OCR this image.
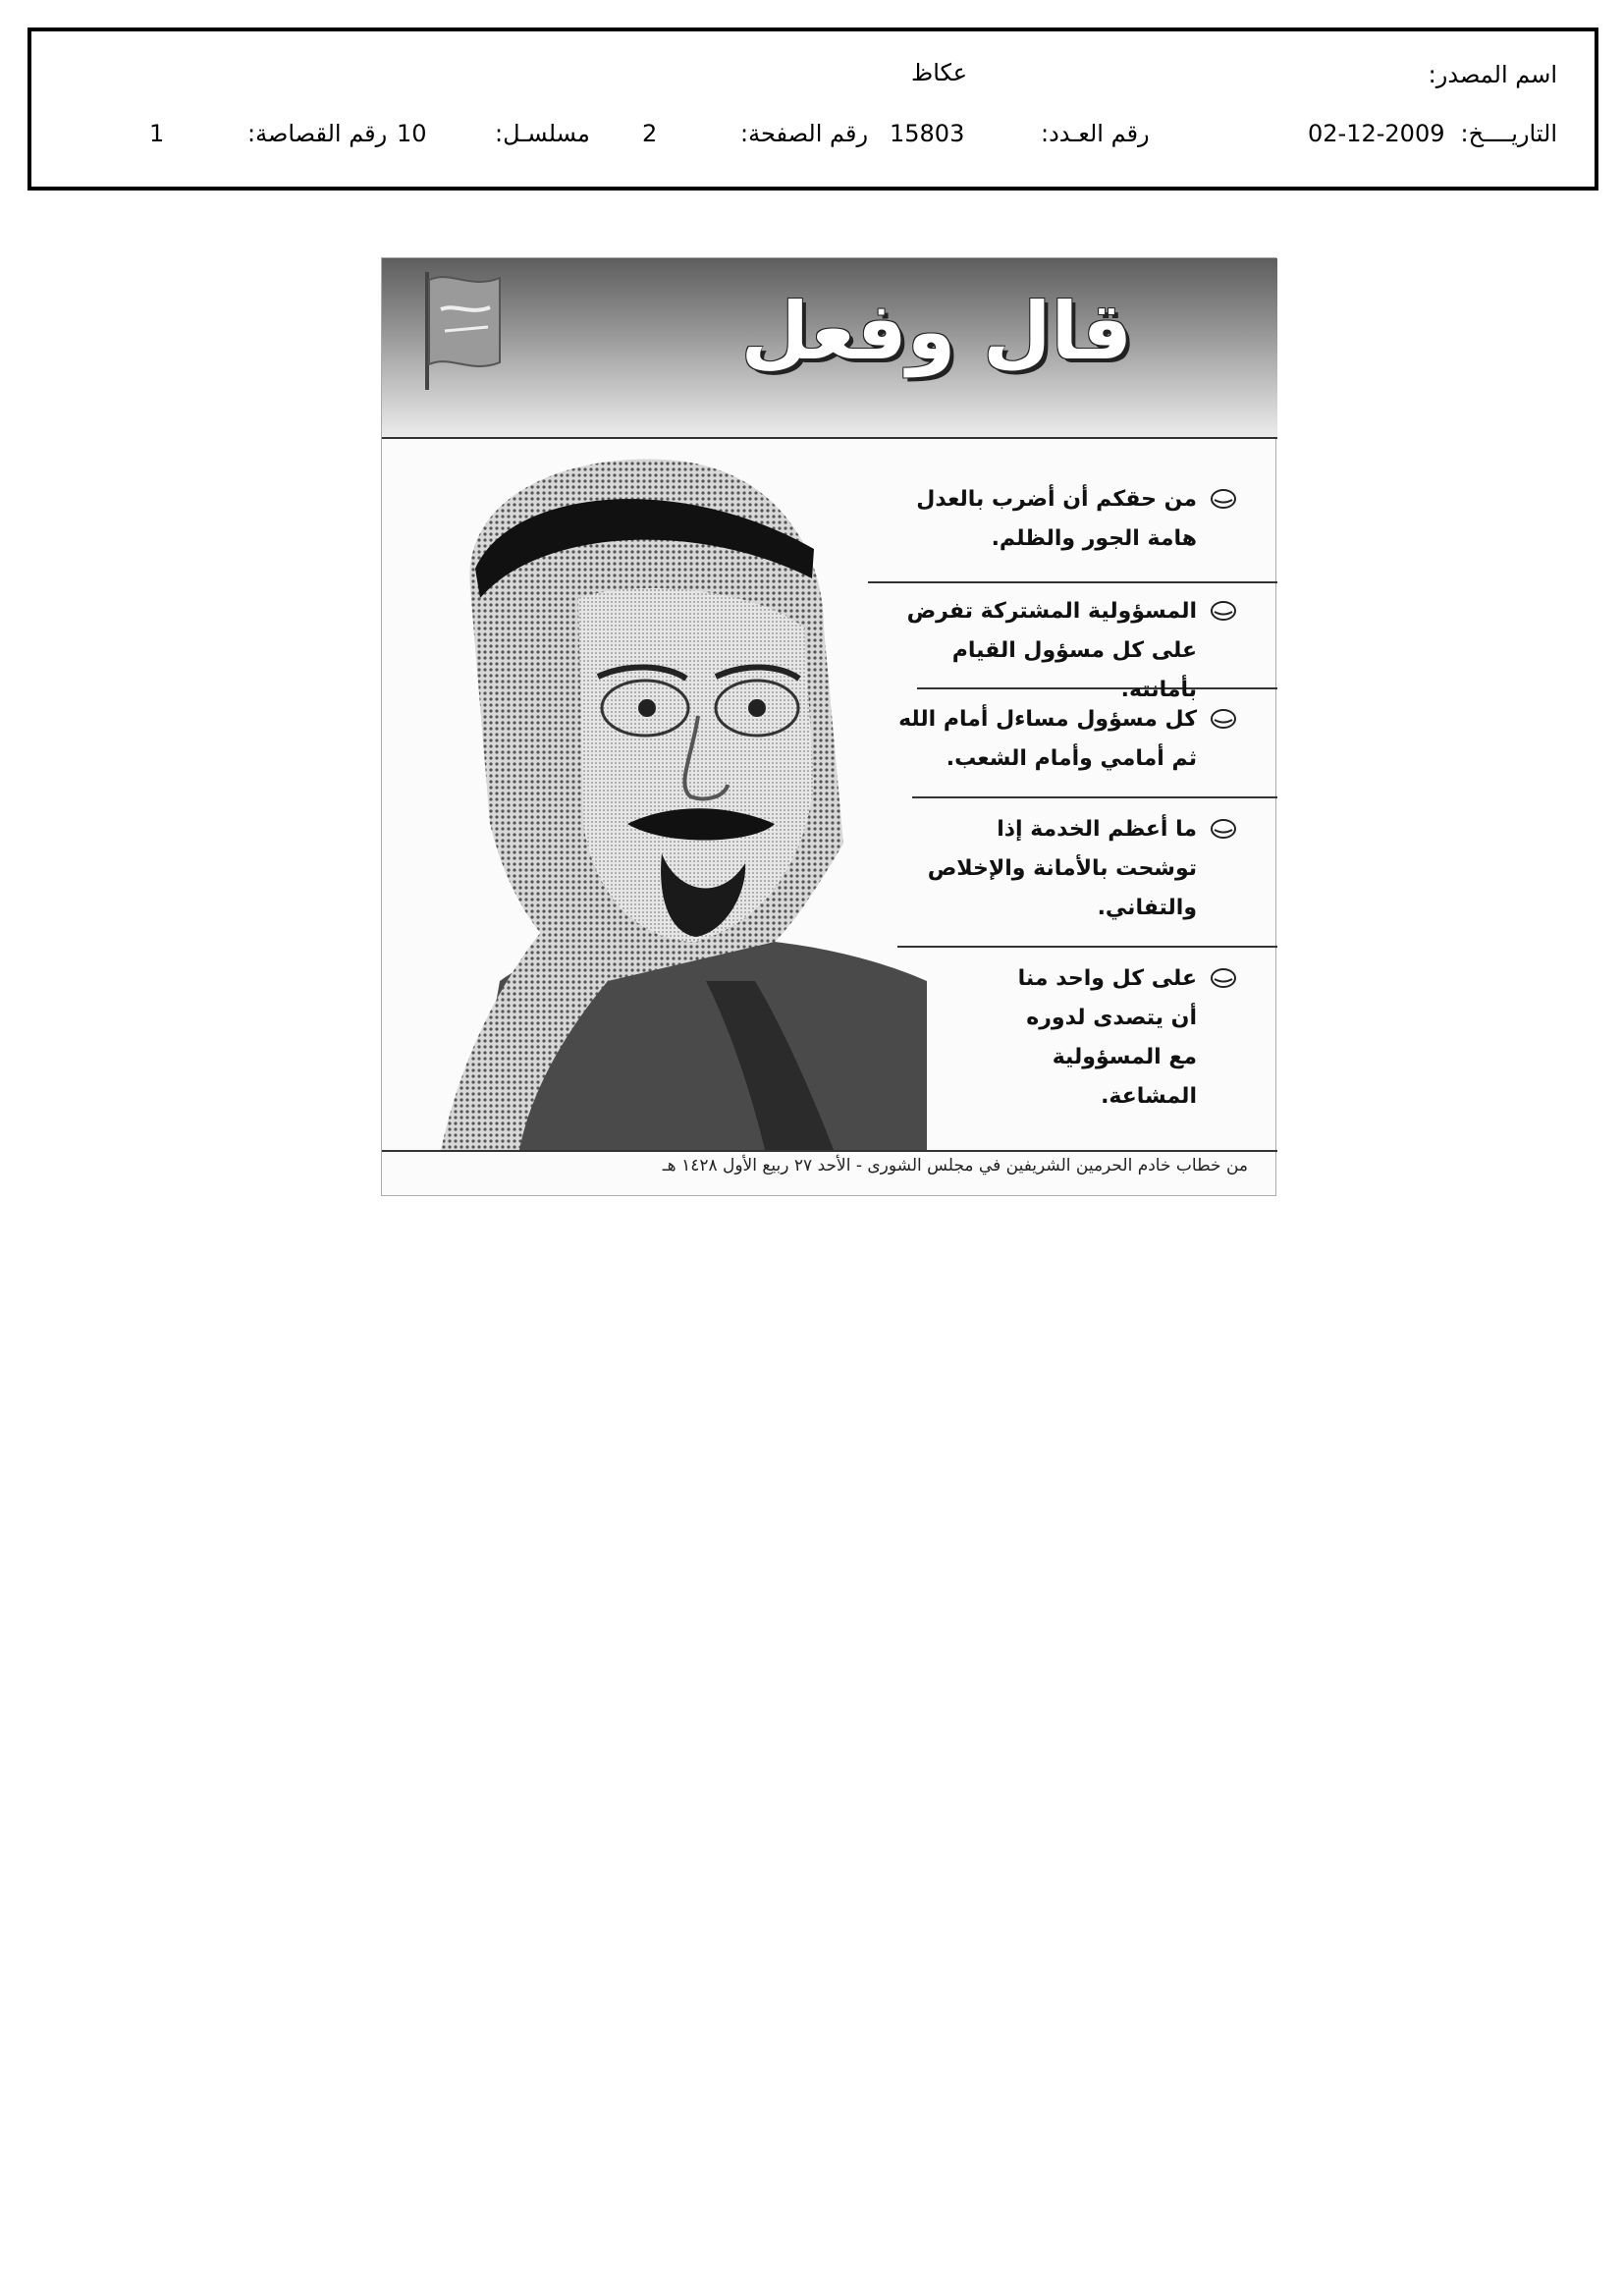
اسم المصدر:
عكاظ
التاريــــخ:
02-12-2009
رقم العـدد:
15803
رقم الصفحة:
2
مسلسـل:
10
رقم القصاصة:
1
قال وفعل
من حقكم أن أضرب بالعدل هامة الجور والظلم.
المسؤولية المشتركة تفرض على كل مسؤول القيام بأمانته.
كل مسؤول مساءل أمام الله ثم أمامي وأمام الشعب.
ما أعظم الخدمة إذا توشحت بالأمانة والإخلاص والتفاني.
على كل واحد منا أن يتصدى لدوره مع المسؤولية المشاعة.
من خطاب خادم الحرمين الشريفين في مجلس الشورى - الأحد ٢٧ ربيع الأول ١٤٢٨ هـ
